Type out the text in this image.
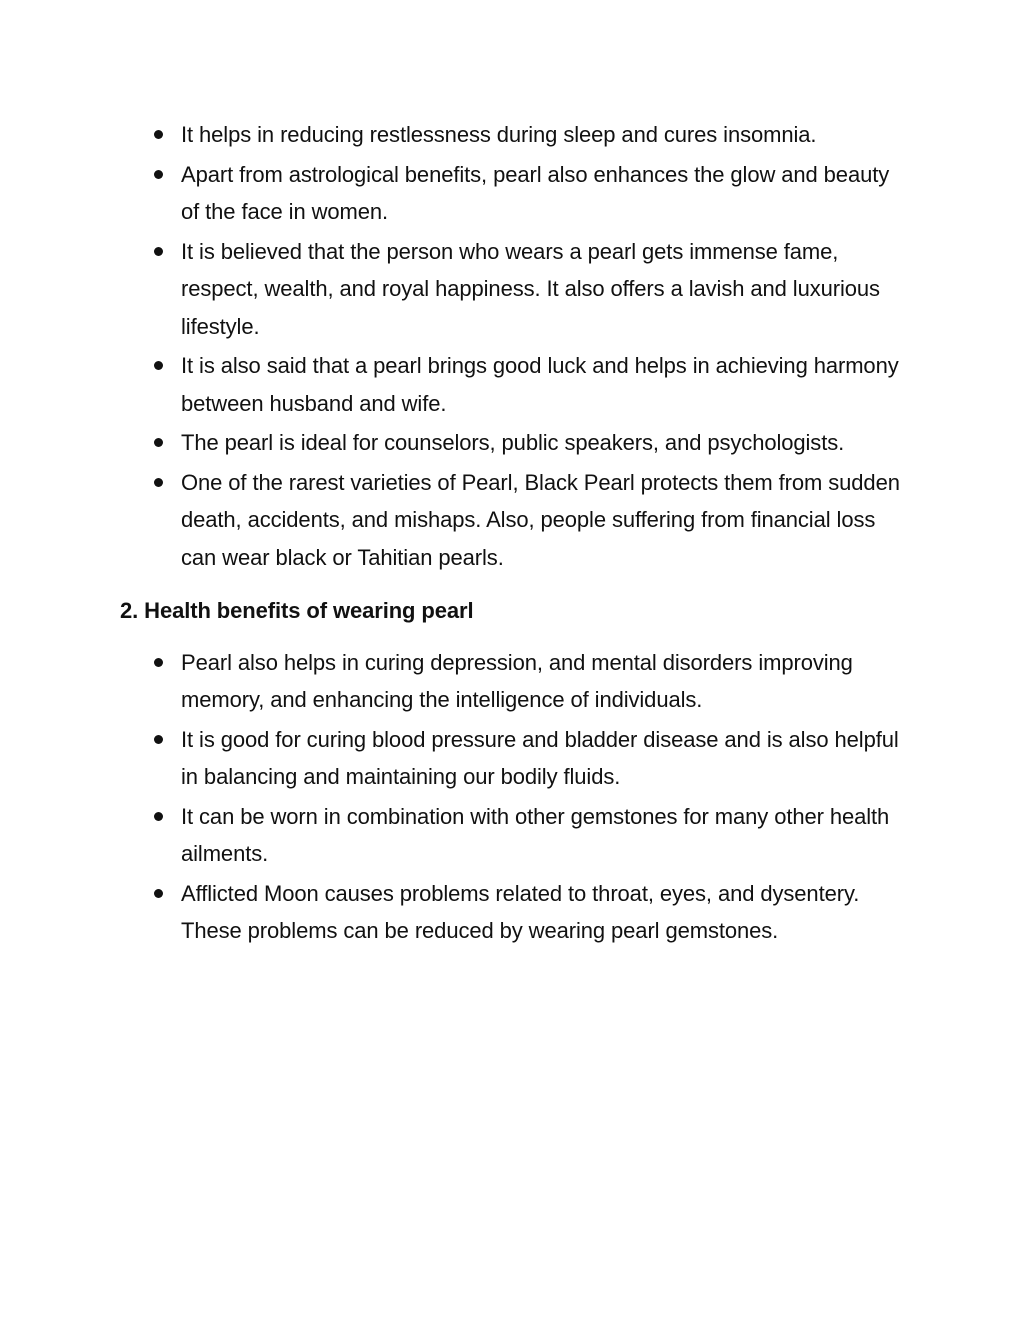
It helps in reducing restlessness during sleep and cures insomnia.
Apart from astrological benefits, pearl also enhances the glow and beauty of the face in women.
It is believed that the person who wears a pearl gets immense fame, respect, wealth, and royal happiness. It also offers a lavish and luxurious lifestyle.
It is also said that a pearl brings good luck and helps in achieving harmony between husband and wife.
The pearl is ideal for counselors, public speakers, and psychologists.
One of the rarest varieties of Pearl, Black Pearl protects them from sudden death, accidents, and mishaps. Also, people suffering from financial loss can wear black or Tahitian pearls.
2. Health benefits of wearing pearl
Pearl also helps in curing depression, and mental disorders improving memory, and enhancing the intelligence of individuals.
It is good for curing blood pressure and bladder disease and is also helpful in balancing and maintaining our bodily fluids.
It can be worn in combination with other gemstones for many other health ailments.
Afflicted Moon causes problems related to throat, eyes, and dysentery. These problems can be reduced by wearing pearl gemstones.
